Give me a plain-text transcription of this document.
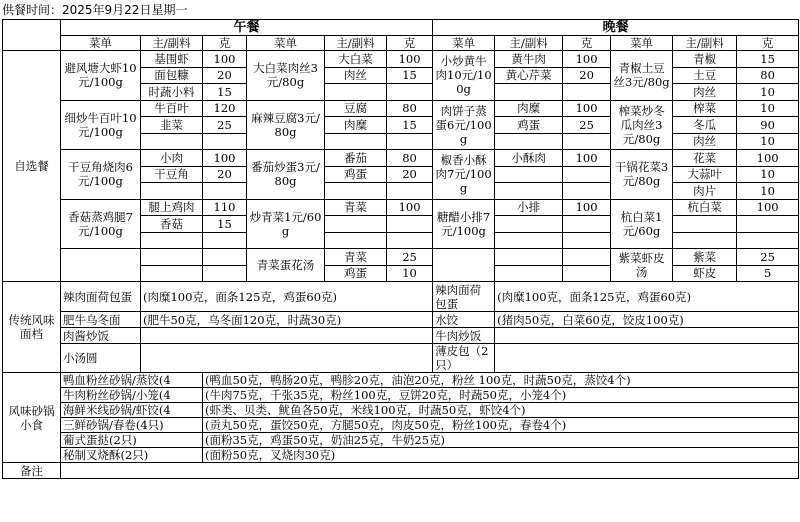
供餐时间：2025年9月22日星期一
	午餐						晚餐					
	菜单	主/副料	克	菜单	主/副料	克	菜单	主/副料	克	菜单	主/副料	克
自选餐	避风塘大虾10元/100g	基围虾	100	大白菜肉丝3元/80g	大白菜	100	小炒黄牛肉10元/100g	黄牛肉	100	青椒土豆丝3元/80g	青椒	15
		面包糠	20		肉丝	15		黄心芹菜	20		土豆	80
		时蔬小料	15								肉丝	10
	细炒牛百叶10元/100g	牛百叶	120	麻辣豆腐3元/80g	豆腐	80	肉饼子蒸蛋6元/100g	肉糜	100	榨菜炒冬瓜肉丝3元/80g	榨菜	10
		韭菜	25		肉糜	15		鸡蛋	25		冬瓜	90
											肉丝	10
	干豆角烧肉6元/100g	小肉	100	番茄炒蛋3元/80g	番茄	80	椒香小酥肉7元/100g	小酥肉	100	干锅花菜3元/80g	花菜	100
		干豆角	20		鸡蛋	20					大蒜叶	10
											肉片	10
	香菇蒸鸡腿7元/100g	腿上鸡肉	110	炒青菜1元/60g	青菜	100	糖醋小排7元/100g	小排	100	杭白菜1元/60g	杭白菜	100
		香菇	15									

				青菜蛋花汤	青菜	25				紫菜虾皮汤	紫菜	25
					鸡蛋	10					虾皮	5
传统风味面档	辣肉面荷包蛋	(肉糜100克，面条125克，鸡蛋60克)					辣肉面荷包蛋	(肉糜100克，面条125克，鸡蛋60克)				
	肥牛乌冬面	(肥牛50克，乌冬面120克，时蔬30克)					水饺	(猪肉50克，白菜60克，饺皮100克)				
	肉酱炒饭						牛肉炒饭					
	小汤圆						薄皮包（2只）					
风味砂锅小食	鸭血粉丝砂锅/蒸饺(4		(鸭血50克，鸭肠20克，鸭胗20克，油泡20克，粉丝 100克，时蔬50克，蒸饺4个)									
	牛肉粉丝砂锅/小笼(4		(牛肉75克，千张35克，粉丝100克，豆饼20克，时蔬50克，小笼4个)									
	海鲜米线砂锅/虾饺(4		(虾类、贝类、鱿鱼各50克，米线100克，时蔬50克，虾饺4个)									
	三鲜砂锅/春卷(4只)		(贡丸50克，蛋饺50克，方腿50克，肉皮50克，粉丝100克，春卷4个)									
	葡式蛋挞(2只)		(面粉35克，鸡蛋50克，奶油25克，牛奶25克)									
	秘制叉烧酥(2只)		(面粉50克，叉烧肉30克)									
备注												
